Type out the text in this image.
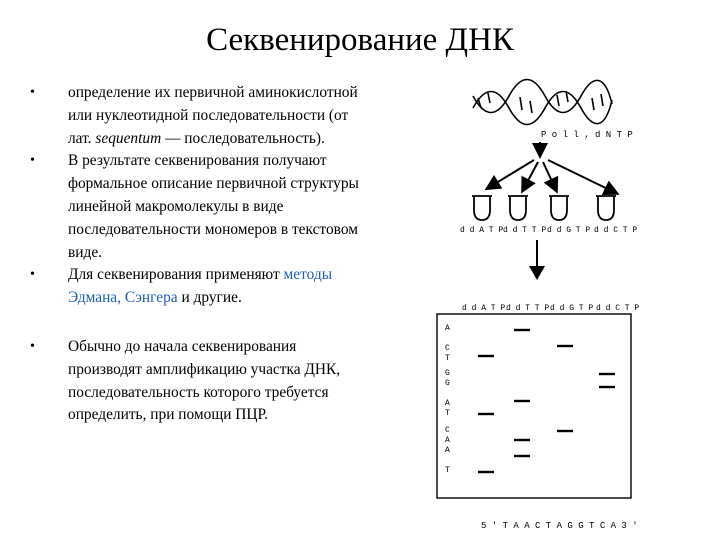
Секвенирование ДНК
• определение их первичной аминокислотной или нуклеотидной последовательности (от лат. sequentum — последовательность).
• В результате секвенирования получают формальное описание первичной структуры линейной макромолекулы в виде последовательности мономеров в текстовом виде.
• Для секвенирования применяют методы Эдмана, Сэнгера и другие.
• Обычно до начала секвенирования производят амплификацию участка ДНК, последовательность которого требуется определить, при помощи ПЦР.
P o l l , d N T P
d d A T P d d T T P d d G T P d d C T P
d d A T P d d T T P d d G T P d d C T P
A
C
T
G
G
A
T
C
A
A
T
5 ' T A A C T A G G T C A 3 '
